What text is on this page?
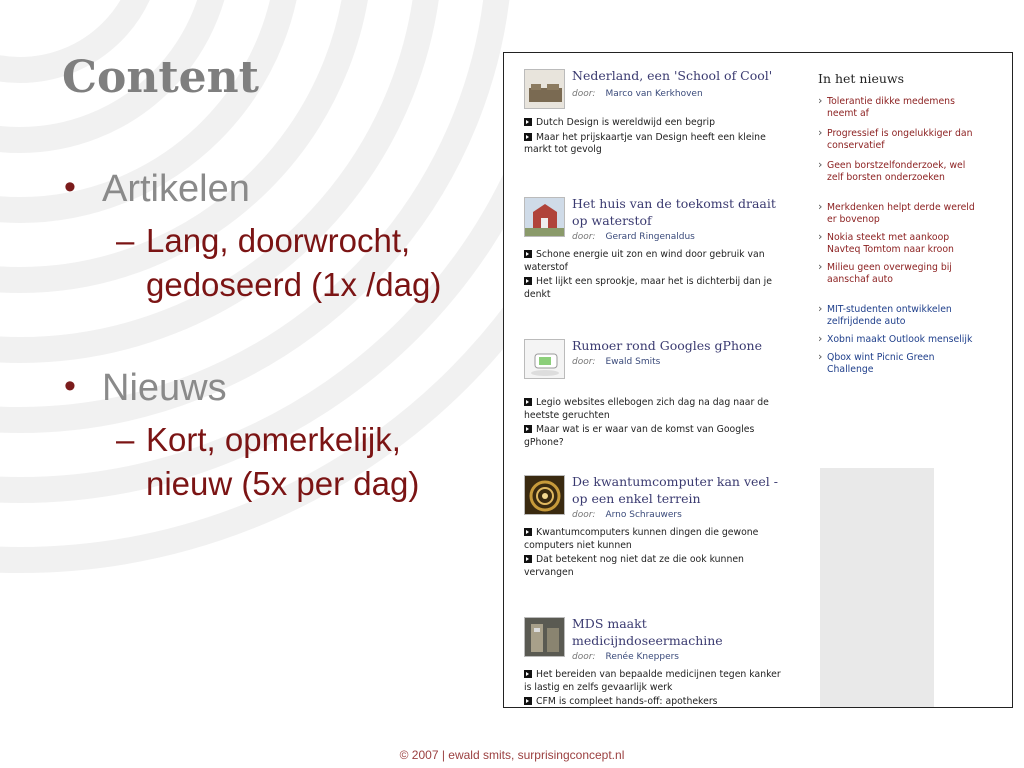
Content
• Artikelen
– Lang, doorwrocht,
gedoseerd (1x /dag)
• Nieuws
– Kort, opmerkelijk,
nieuw (5x per dag)
Nederland, een 'School of Cool'
door: Marco van Kerkhoven
Dutch Design is wereldwijd een begrip
Maar het prijskaartje van Design heeft een kleine markt tot gevolg
Het huis van de toekomst draait op waterstof
door: Gerard Ringenaldus
Schone energie uit zon en wind door gebruik van waterstof
Het lijkt een sprookje, maar het is dichterbij dan je denkt
Rumoer rond Googles gPhone
door: Ewald Smits
Legio websites ellebogen zich dag na dag naar de heetste geruchten
Maar wat is er waar van de komst van Googles gPhone?
De kwantumcomputer kan veel - op een enkel terrein
door: Arno Schrauwers
Kwantumcomputers kunnen dingen die gewone computers niet kunnen
Dat betekent nog niet dat ze die ook kunnen vervangen
MDS maakt medicijndoseermachine
door: Renée Kneppers
Het bereiden van bepaalde medicijnen tegen kanker is lastig en zelfs gevaarlijk werk
CFM is compleet hands-off: apothekers
In het nieuws
› Tolerantie dikke medemens neemt af
› Progressief is ongelukkiger dan conservatief
› Geen borstzelfonderzoek, wel zelf borsten onderzoeken
› Merkdenken helpt derde wereld er bovenop
› Nokia steekt met aankoop Navteq Tomtom naar kroon
› Milieu geen overweging bij aanschaf auto
› MIT-studenten ontwikkelen zelfrijdende auto
› Xobni maakt Outlook menselijk
› Qbox wint Picnic Green Challenge
© 2007 | ewald smits, surprisingconcept.nl
